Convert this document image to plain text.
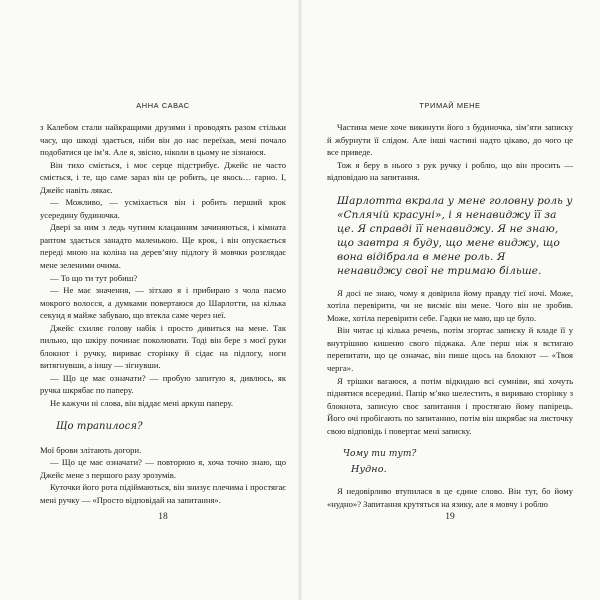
АННА САВАС

з Калебом стали найкращими друзями і проводять разом стільки часу, що шкоді здається, ніби він до нас переїхав, мені почало подобатися це ім’я. Але я, звісно, ніколи в цьому не зізнаюся.

Він тихо сміється, і моє серце підстрибує. Джейс не часто сміється, і те, що саме зараз він це робить, це якось… гарно. І, Джейс навіть лякає.

— Можливо, — усміхається він і робить перший крок усередину будиночка.

Двері за ним з ледь чутним клацанням зачиняються, і кімната раптом здається занадто маленькою. Ще крок, і він опускається переді мною на коліна на дерев’яну підлогу й мовчки розглядає мене зеленими очима.

— То що ти тут робиш?

— Не має значення, — зітхаю я і прибираю з чола пасмо мокрого волосся, а думками повертаюся до Шарлотти, на кілька секунд я майже забуваю, що втекла саме через неї.

Джейс схиляє голову набік і просто дивиться на мене. Так пильно, що шкіру починає поколювати. Тоді він бере з моєї руки блокнот і ручку, вириває сторінку й сідає на підлогу, ноги витягнувши, а іншу — зігнувши.

— Що це має означати? — пробую запитую я, дивлюсь, як ручка шкрябає по паперу.

Не кажучи ні слова, він віддає мені аркуш паперу.

Що трапилося?

Мої брови злітають догори.

— Що це має означати? — повторюю я, хоча точно знаю, що Джейс мене з першого разу зрозумів.

Куточки його рота підіймаються, він знизує плечима і простягає мені ручку — «Просто відповідай на запитання».

18
ТРИМАЙ МЕНЕ

Частина мене хоче викинути його з будиночка, зім’яти записку й жбурнути її слідом. Але інші частині надто цікаво, до чого це все приведе.

Тож я беру в нього з рук ручку і роблю, що він просить — відповідаю на запитання.

Шарлотта вкрала у мене головну роль у «Сплячій красуні», і я ненавиджу її за це. Я справді її ненавиджу. Я не знаю, що завтра я буду, що мене виджу, що вона відібрала в мене роль. Я ненавиджу свої не тримаю більше.

Я досі не знаю, чому я довірила йому правду тієї ночі. Може, хотіла перевірити, чи не висміє він мене. Чого він не зробив. Може, хотіла перевірити себе. Гадки не маю, що це було.

Він читає ці кілька речень, потім згортає записку й кладе її у внутрішню кишеню свого піджака. Але перш ніж я встигаю перепитати, що це означає, він пише щось на блокнот — «Твоя черга».

Я трішки вагаюся, а потім відкидаю всі сумніви, які хочуть піднятися всередині. Папір м’яко шелестить, я вириваю сторінку з блокнота, записую своє запитання і простягаю йому папірець. Його очі пробігають по запитанню, потім він шкрябає на листочку свою відповідь і повертає мені записку.

Чому ти тут?
Нудно.

Я недовірливо втупилася в це єдине слово. Він тут, бо йому «нудно»? Запитання крутяться на язику, але я мовчу і роблю

19
